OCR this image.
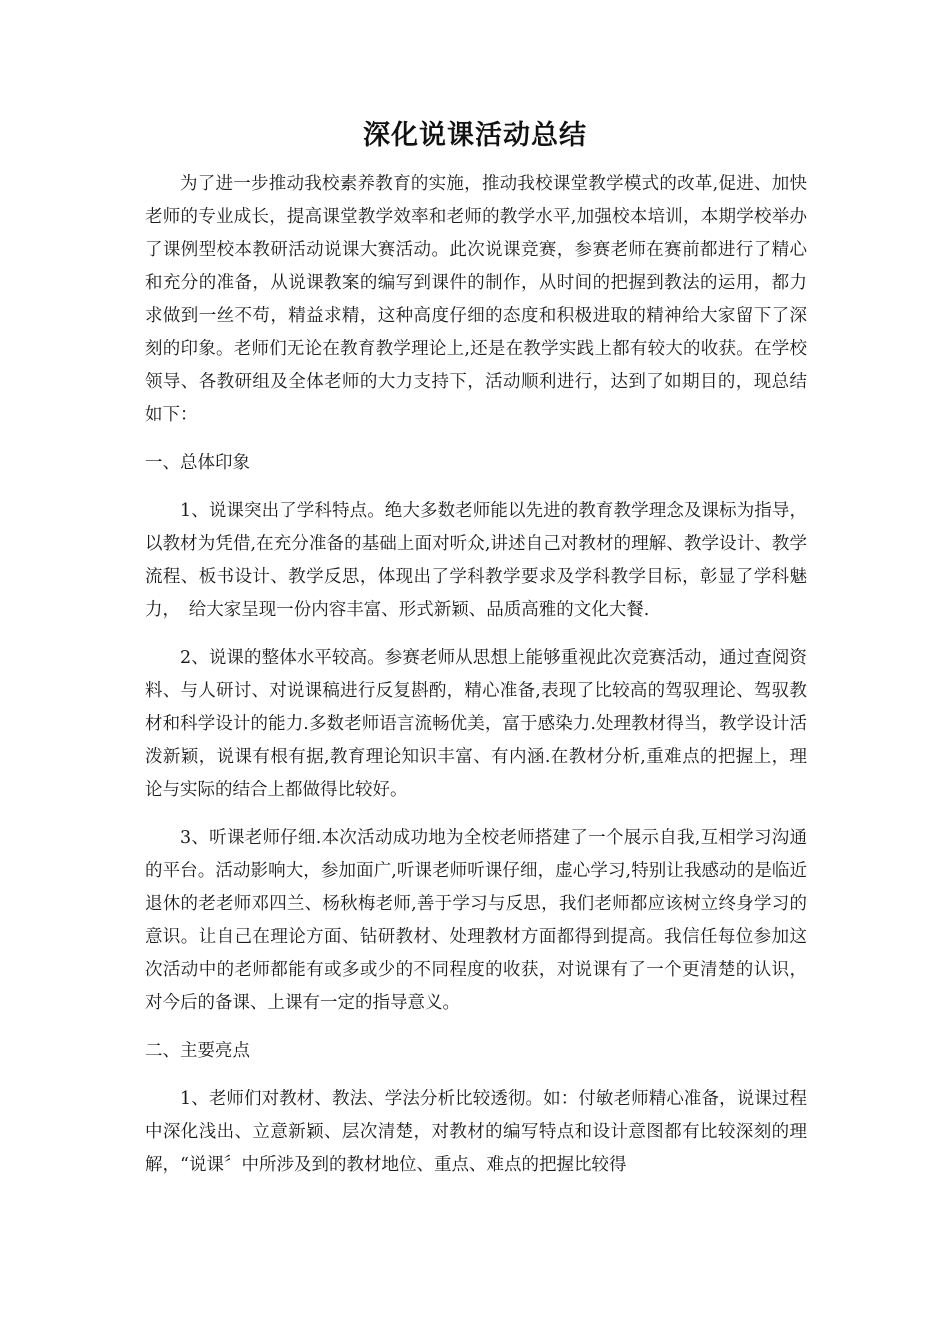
深化说课活动总结

为了进一步推动我校素养教育的实施，推动我校课堂教学模式的改革,促进、加快老师的专业成长，提高课堂教学效率和老师的教学水平,加强校本培训，本期学校举办了课例型校本教研活动说课大赛活动。此次说课竞赛，参赛老师在赛前都进行了精心和充分的准备，从说课教案的编写到课件的制作，从时间的把握到教法的运用，都力求做到一丝不苟，精益求精，这种高度仔细的态度和积极进取的精神给大家留下了深刻的印象。老师们无论在教育教学理论上,还是在教学实践上都有较大的收获。在学校领导、各教研组及全体老师的大力支持下，活动顺利进行，达到了如期目的，现总结如下：

一、总体印象

1、说课突出了学科特点。绝大多数老师能以先进的教育教学理念及课标为指导，以教材为凭借,在充分准备的基础上面对听众,讲述自己对教材的理解、教学设计、教学流程、板书设计、教学反思，体现出了学科教学要求及学科教学目标，彰显了学科魅力，　给大家呈现一份内容丰富、形式新颖、品质高雅的文化大餐.

2、说课的整体水平较高。参赛老师从思想上能够重视此次竞赛活动，通过查阅资料、与人研讨、对说课稿进行反复斟酌，精心准备,表现了比较高的驾驭理论、驾驭教材和科学设计的能力.多数老师语言流畅优美，富于感染力.处理教材得当，教学设计活泼新颖，说课有根有据,教育理论知识丰富、有内涵.在教材分析,重难点的把握上，理论与实际的结合上都做得比较好。

3、听课老师仔细.本次活动成功地为全校老师搭建了一个展示自我,互相学习沟通的平台。活动影响大，参加面广,听课老师听课仔细，虚心学习,特别让我感动的是临近退休的老老师邓四兰、杨秋梅老师,善于学习与反思，我们老师都应该树立终身学习的意识。让自己在理论方面、钻研教材、处理教材方面都得到提高。我信任每位参加这次活动中的老师都能有或多或少的不同程度的收获，对说课有了一个更清楚的认识，对今后的备课、上课有一定的指导意义。

二、主要亮点

1、老师们对教材、教法、学法分析比较透彻。如：付敏老师精心准备，说课过程中深化浅出、立意新颖、层次清楚，对教材的编写特点和设计意图都有比较深刻的理解，“说课〞中所涉及到的教材地位、重点、难点的把握比较得
